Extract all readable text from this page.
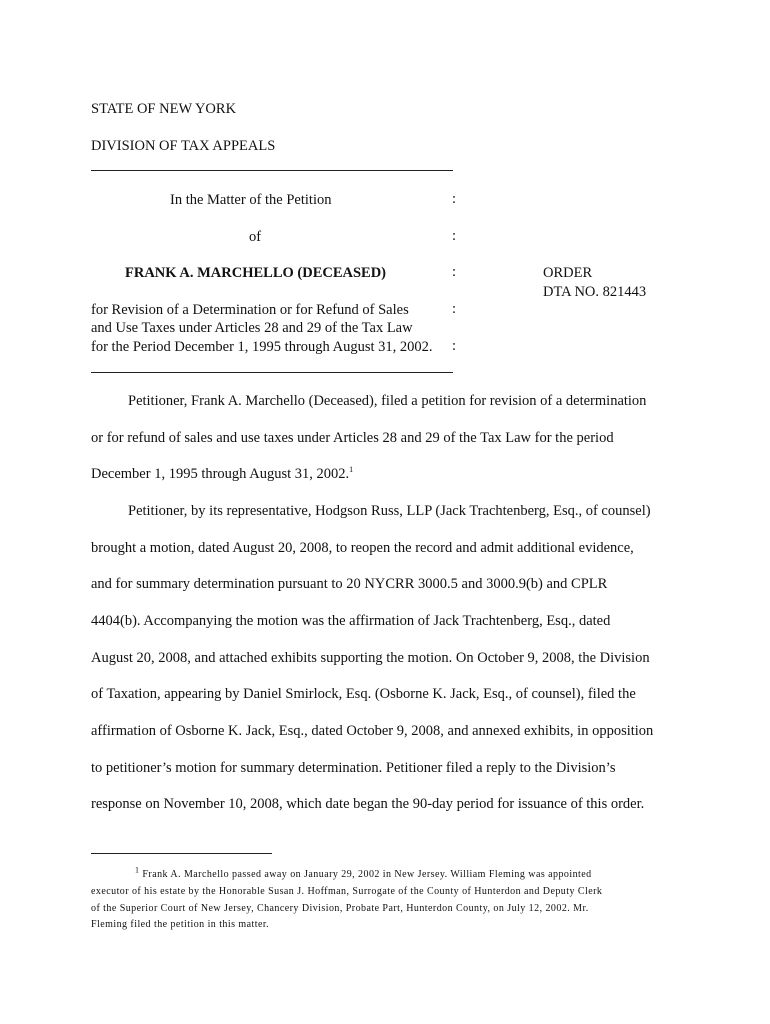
STATE OF NEW YORK
DIVISION OF TAX APPEALS
In the Matter of the Petition	:
of	:
FRANK A. MARCHELLO (DECEASED)	:	ORDER
DTA NO. 821443
for Revision of a Determination or for Refund of Sales	:
and Use Taxes under Articles 28 and 29 of the Tax Law
for the Period December 1, 1995 through August 31, 2002. :
Petitioner, Frank A. Marchello (Deceased), filed a petition for revision of a determination
or for refund of sales and use taxes under Articles 28 and 29 of the Tax Law for the period
December 1, 1995 through August 31, 2002.$^1$
Petitioner, by its representative, Hodgson Russ, LLP (Jack Trachtenberg, Esq., of counsel)
brought a motion, dated August 20, 2008, to reopen the record and admit additional evidence,
and for summary determination pursuant to 20 NYCRR 3000.5 and 3000.9(b) and CPLR
4404(b). Accompanying the motion was the affirmation of Jack Trachtenberg, Esq., dated
August 20, 2008, and attached exhibits supporting the motion. On October 9, 2008, the Division
of Taxation, appearing by Daniel Smirlock, Esq. (Osborne K. Jack, Esq., of counsel), filed the
affirmation of Osborne K. Jack, Esq., dated October 9, 2008, and annexed exhibits, in opposition
to petitioner’s motion for summary determination. Petitioner filed a reply to the Division’s
response on November 10, 2008, which date began the 90-day period for issuance of this order.
$^1$ Frank A. Marchello passed away on January 29, 2002 in New Jersey. William Fleming was appointed
executor of his estate by the Honorable Susan J. Hoffman, Surrogate of the County of Hunterdon and Deputy Clerk
of the Superior Court of New Jersey, Chancery Division, Probate Part, Hunterdon County, on July 12, 2002. Mr.
Fleming filed the petition in this matter.
